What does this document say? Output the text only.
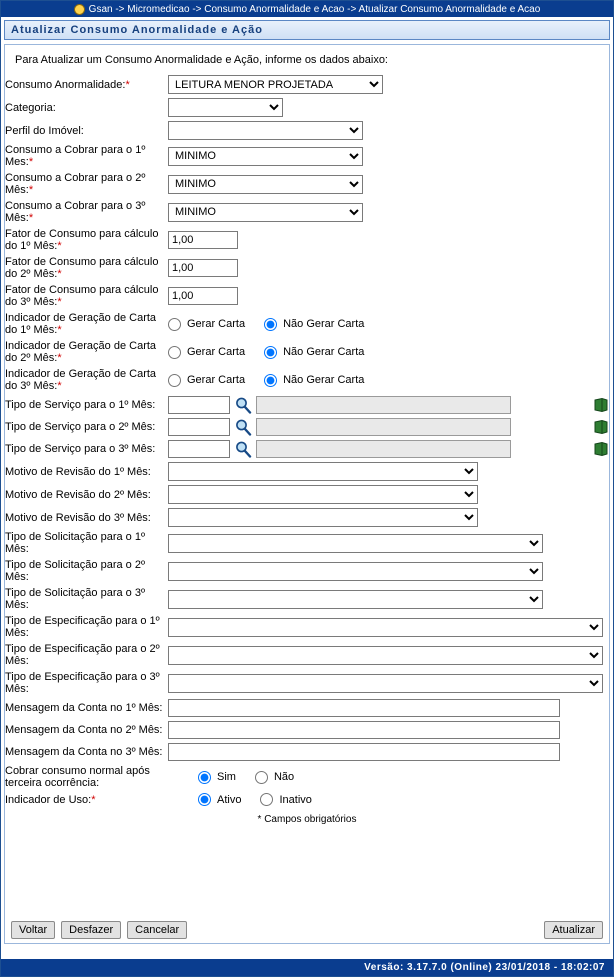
Gsan -> Micromedicao -> Consumo Anormalidade e Acao -> Atualizar Consumo Anormalidade e Acao
Atualizar Consumo Anormalidade e Ação
Para Atualizar um Consumo Anormalidade e Ação, informe os dados abaixo:
Consumo Anormalidade:*	
LEITURA MENOR PROJETADA
Categoria:	

Perfil do Imóvel:	

Consumo a Cobrar para o 1º Mes:*	
MINIMO
Consumo a Cobrar para o 2º Mês:*	
MINIMO
Consumo a Cobrar para o 3º Mês:*	
MINIMO
Fator de Consumo para cálculo do 1º Mês:*	1,00
Fator de Consumo para cálculo do 2º Mês:*	1,00
Fator de Consumo para cálculo do 3º Mês:*	1,00
Indicador de Geração de Carta do 1º Mês:*	Gerar Carta Não Gerar Carta

Indicador de Geração de Carta do 2º Mês:*	Gerar Carta Não Gerar Carta

Indicador de Geração de Carta do 3º Mês:*	Gerar Carta Não Gerar Carta

Tipo de Serviço para o 1º Mês:	

Tipo de Serviço para o 2º Mês:	

Tipo de Serviço para o 3º Mês:	

Motivo de Revisão do 1º Mês:	

Motivo de Revisão do 2º Mês:	

Motivo de Revisão do 3º Mês:	

Tipo de Solicitação para o 1º Mês:	

Tipo de Solicitação para o 2º Mês:	

Tipo de Solicitação para o 3º Mês:	

Tipo de Especificação para o 1º Mês:	

Tipo de Especificação para o 2º Mês:	

Tipo de Especificação para o 3º Mês:	

Mensagem da Conta no 1º Mês:	
Mensagem da Conta no 2º Mês:	
Mensagem da Conta no 3º Mês:	
Cobrar consumo normal após terceira ocorrência:	Sim Não

Indicador de Uso:*	Ativo Inativo
* Campos obrigatórios
Voltar	Desfazer	Cancelar	Atualizar
Versão: 3.17.7.0 (Online) 23/01/2018 - 18:02:07
